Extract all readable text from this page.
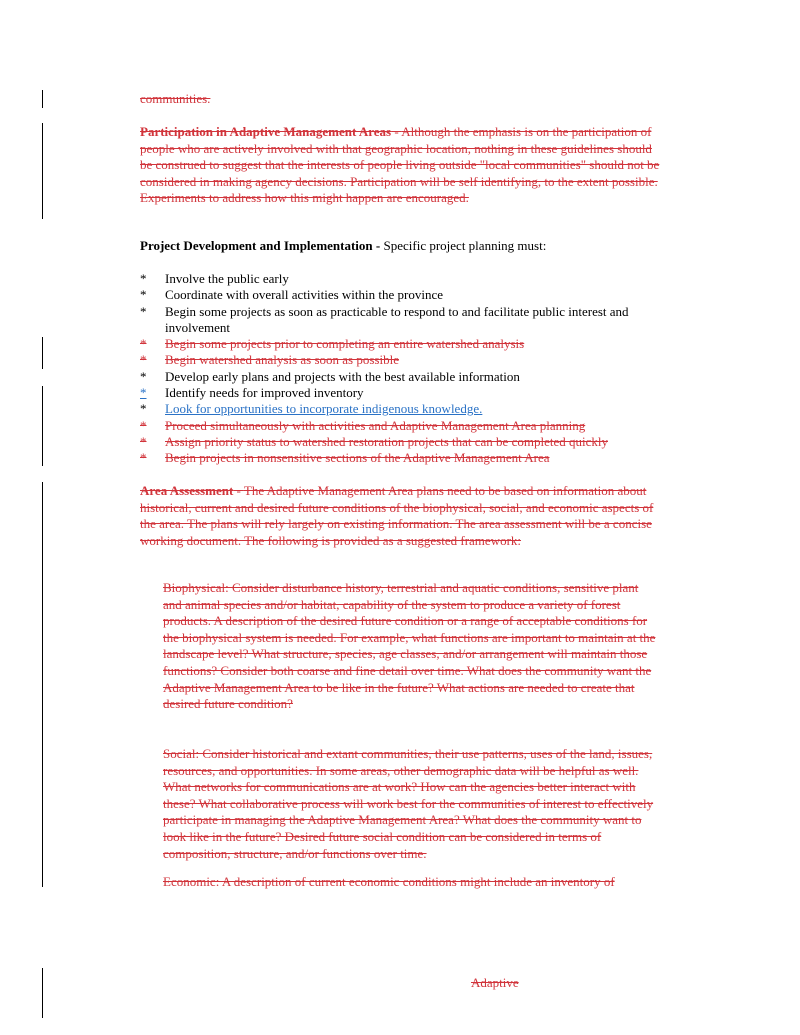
communities.

Participation in Adaptive Management Areas - Although the emphasis is on the participation of people who are actively involved with that geographic location, nothing in these guidelines should be construed to suggest that the interests of people living outside "local communities" should not be considered in making agency decisions. Participation will be self identifying, to the extent possible. Experiments to address how this might happen are encouraged.

Project Development and Implementation - Specific project planning must:

* Involve the public early
* Coordinate with overall activities within the province
* Begin some projects as soon as practicable to respond to and facilitate public interest and involvement
* Begin some projects prior to completing an entire watershed analysis
* Begin watershed analysis as soon as possible
* Develop early plans and projects with the best available information
* Identify needs for improved inventory
* Look for opportunities to incorporate indigenous knowledge.
* Proceed simultaneously with activities and Adaptive Management Area planning
* Assign priority status to watershed restoration projects that can be completed quickly
* Begin projects in nonsensitive sections of the Adaptive Management Area

Area Assessment - The Adaptive Management Area plans need to be based on information about historical, current and desired future conditions of the biophysical, social, and economic aspects of the area. The plans will rely largely on existing information. The area assessment will be a concise working document. The following is provided as a suggested framework:

Biophysical: Consider disturbance history, terrestrial and aquatic conditions, sensitive plant and animal species and/or habitat, capability of the system to produce a variety of forest products. A description of the desired future condition or a range of acceptable conditions for the biophysical system is needed. For example, what functions are important to maintain at the landscape level? What structure, species, age classes, and/or arrangement will maintain those functions? Consider both coarse and fine detail over time. What does the community want the Adaptive Management Area to be like in the future? What actions are needed to create that desired future condition?

Social: Consider historical and extant communities, their use patterns, uses of the land, issues, resources, and opportunities. In some areas, other demographic data will be helpful as well. What networks for communications are at work? How can the agencies better interact with these? What collaborative process will work best for the communities of interest to effectively participate in managing the Adaptive Management Area? What does the community want to look like in the future? Desired future social condition can be considered in terms of composition, structure, and/or functions over time.

Economic: A description of current economic conditions might include an inventory of

Adaptive
